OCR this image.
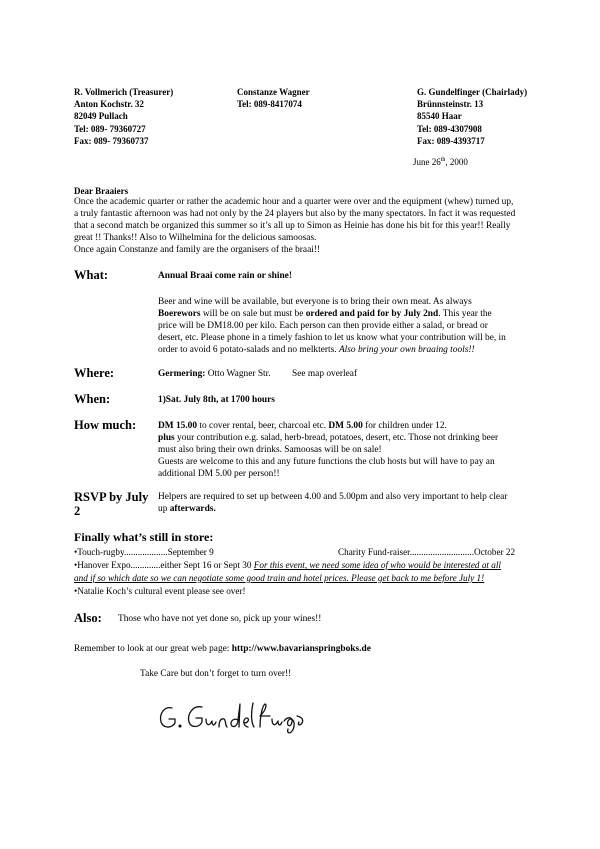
R. Vollmerich (Treasurer)
Anton Kochstr. 32
82049 Pullach
Tel: 089- 79360727
Fax: 089- 79360737
Constanze Wagner
Tel: 089-8417074
G. Gundelfinger (Chairlady)
Brünnsteinstr. 13
85540 Haar
Tel: 089-4307908
Fax: 089-4393717
June 26th, 2000
Dear Braaiers
Once the academic quarter or rather the academic hour and a quarter were over and the equipment (whew) turned up,
a truly fantastic afternoon was had not only by the 24 players but also by the many spectators. In fact it was requested
that a second match be organized this summer so it’s all up to Simon as Heinie has done his bit for this year!! Really
great !! Thanks!! Also to Wilhelmina for the delicious samoosas.
Once again Constanze and family are the organisers of the braai!!
What:	Annual Braai come rain or shine!
Beer and wine will be available, but everyone is to bring their own meat. As always
Boerewors will be on sale but must be ordered and paid for by July 2nd. This year the
price will be DM18.00 per kilo. Each person can then provide either a salad, or bread or
desert, etc. Please phone in a timely fashion to let us know what your contribution will be, in
order to avoid 6 potato-salads and no melkterts. Also bring your own braaing tools!!
Where:	Germering: Otto Wagner Str. See map overleaf
When:	1)Sat. July 8th, at 1700 hours
How much: DM 15.00 to cover rental, beer, charcoal etc. DM 5.00 for children under 12.
plus your contribution e.g. salad, herb-bread, potatoes, desert, etc. Those not drinking beer
must also bring their own drinks. Samoosas will be on sale!
Guests are welcome to this and any future functions the club hosts but will have to pay an
additional DM 5.00 per person!!
RSVP by July
2
Helpers are required to set up between 4.00 and 5.00pm and also very important to help clear
up afterwards.
Finally what’s still in store:
•Touch-rugby...................September 9	Charity Fund-raiser............................October 22
•Hanover Expo.............either Sept 16 or Sept 30 For this event, we need some idea of who would be interested at all
and if so which date so we can negotiate some good train and hotel prices. Please get back to me before July 1!
•Natalie Koch’s cultural event please see over!
Also: Those who have not yet done so, pick up your wines!!
Remember to look at our great web page: http://www.bavarianspringboks.de
Take Care but don’t forget to turn over!!
